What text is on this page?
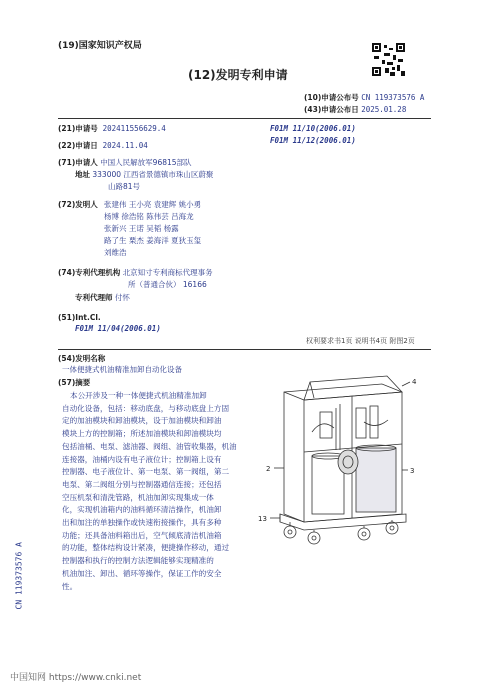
(19)国家知识产权局
(12)发明专利申请
(10)申请公布号 CN 119373576 A
(43)申请公布日 2025.01.28
(21)申请号 202411556629.4
(22)申请日 2024.11.04
(71)申请人 中国人民解放军96815部队
地址 333000 江西省景德镇市珠山区蔚聚
山路81号
(72)发明人 张建伟 王小亮 袁建辉 姚小勇
杨博 徐浩铭 陈伟芸 吕海龙
张新兴 王诺 吴韬 杨露
路了生 栗杰 姜海洋 夏狄玉玺
刘维浩
(74)专利代理机构 北京知寸专利商标代理事务
所（普通合伙） 16166
专利代理师 付怀
(51)Int.Cl.
F01M 11/04(2006.01)
F01M 11/10(2006.01)
F01M 11/12(2006.01)
权利要求书1页 说明书4页 附图2页
(54)发明名称
一体便捷式机油精准加卸自动化设备
(57)摘要

本公开涉及一种一体便捷式机油精准加卸

自动化设备，包括：移动底盘，与移动底盘上方固

定的加油模块和卸油模块，设于加油模块和卸油

模块上方的控制箱；所述加油模块和卸油模块均

包括油桶、电泵、滤油器、阀组、油管收集器，机油

连接器，油桶内设有电子液位计；控制箱上设有

控制器、电子液位计、第一电泵、第一阀组，第二

电泵、第二阀组分别与控制器通信连接；还包括

空压机泵和清洗管路，机油加卸实现集成一体

化，实现机油箱内的油料循环清洁操作，机油卸

出和加注的单独操作或快速衔接操作，具有多种

功能；还具备油料箱出后，空气倾底清洁机油箱

的功能，整体结构设计紧凑，便捷操作移动，通过

控制器和执行的控制方法逻辑能够实现精准的

机油加注、卸出、循环等操作，保证工作的安全

性。

CN 119373576 A
4
2	3
13
中国知网 https://www.cnki.net
